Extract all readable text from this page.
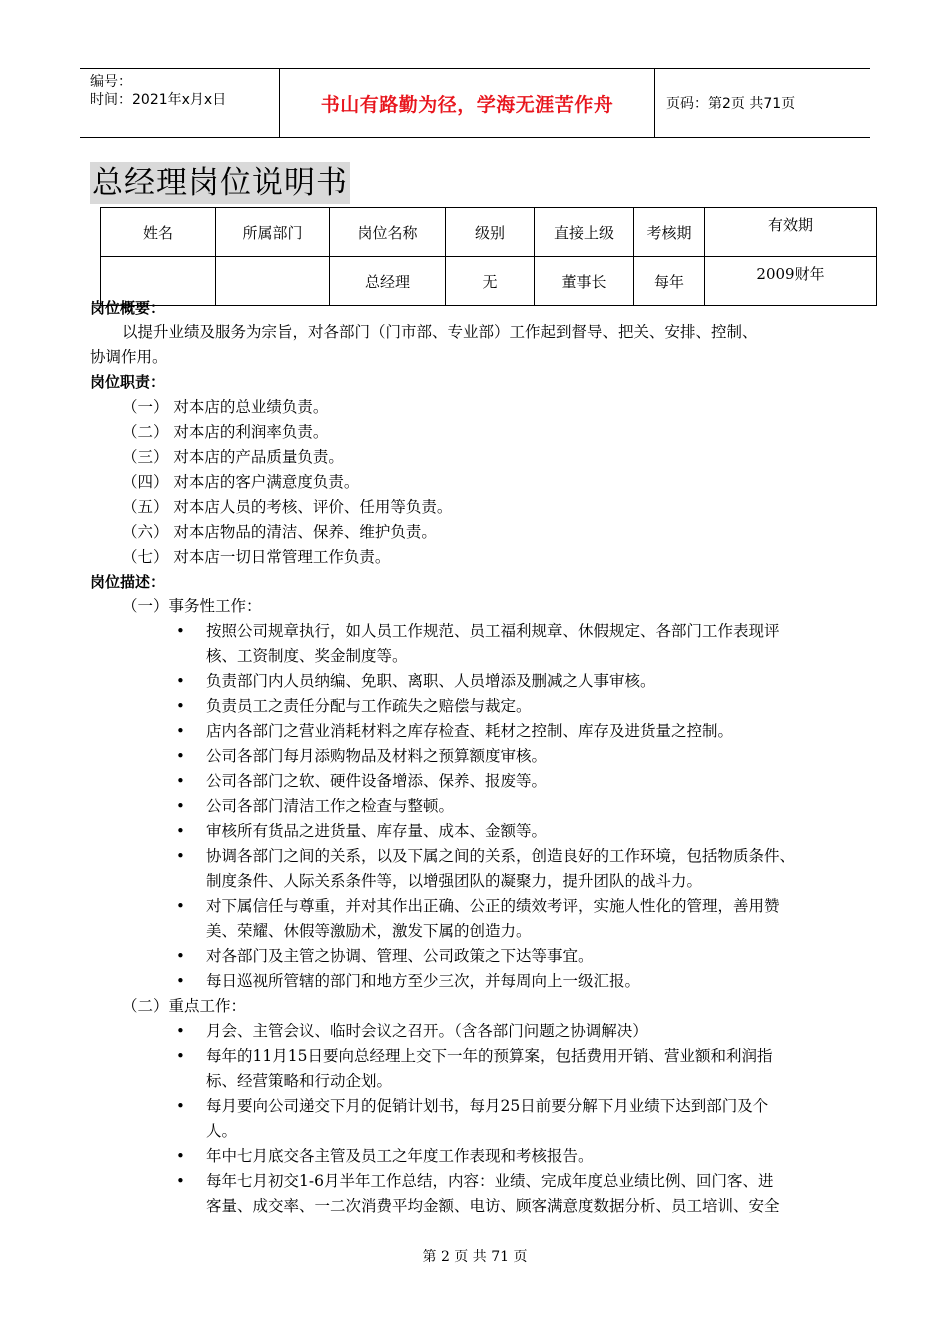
编号：
时间：2021年x月x日	书山有路勤为径，学海无涯苦作舟	页码：第2页 共71页
总经理岗位说明书
姓名	所属部门	岗位名称	级别	直接上级	考核期	有效期
		总经理	无	董事长	每年	2009财年
岗位概要：
以提升业绩及服务为宗旨，对各部门（门市部、专业部）工作起到督导、把关、安排、控制、
协调作用。
岗位职责：
（一） 对本店的总业绩负责。
（二） 对本店的利润率负责。
（三） 对本店的产品质量负责。
（四） 对本店的客户满意度负责。
（五） 对本店人员的考核、评价、任用等负责。
（六） 对本店物品的清洁、保养、维护负责。
（七） 对本店一切日常管理工作负责。
岗位描述：
（一）事务性工作：
• 按照公司规章执行，如人员工作规范、员工福利规章、休假规定、各部门工作表现评
核、工资制度、奖金制度等。
• 负责部门内人员纳编、免职、离职、人员增添及删减之人事审核。
• 负责员工之责任分配与工作疏失之赔偿与裁定。
• 店内各部门之营业消耗材料之库存检查、耗材之控制、库存及进货量之控制。
• 公司各部门每月添购物品及材料之预算额度审核。
• 公司各部门之软、硬件设备增添、保养、报废等。
• 公司各部门清洁工作之检查与整顿。
• 审核所有货品之进货量、库存量、成本、金额等。
• 协调各部门之间的关系，以及下属之间的关系，创造良好的工作环境，包括物质条件、
制度条件、人际关系条件等，以增强团队的凝聚力，提升团队的战斗力。
• 对下属信任与尊重，并对其作出正确、公正的绩效考评，实施人性化的管理，善用赞
美、荣耀、休假等激励术，激发下属的创造力。
• 对各部门及主管之协调、管理、公司政策之下达等事宜。
• 每日巡视所管辖的部门和地方至少三次，并每周向上一级汇报。
（二）重点工作：
• 月会、主管会议、临时会议之召开。（含各部门问题之协调解决）
• 每年的11月15日要向总经理上交下一年的预算案，包括费用开销、营业额和利润指
标、经营策略和行动企划。
• 每月要向公司递交下月的促销计划书，每月25日前要分解下月业绩下达到部门及个
人。
• 年中七月底交各主管及员工之年度工作表现和考核报告。
• 每年七月初交1-6月半年工作总结，内容：业绩、完成年度总业绩比例、回门客、进
客量、成交率、一二次消费平均金额、电访、顾客满意度数据分析、员工培训、安全
第 2 页 共 71 页
